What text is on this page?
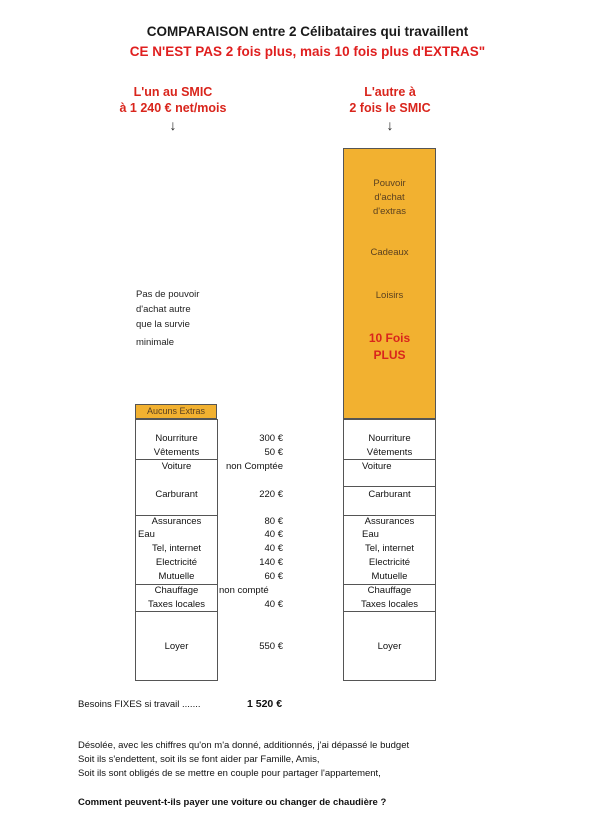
COMPARAISON entre 2 Célibataires qui travaillent
CE N'EST PAS 2 fois plus, mais 10 fois plus d'EXTRAS"
L'un au SMIC
à 1 240 € net/mois
↓
L'autre à
2 fois le SMIC
↓
Pas de pouvoir
d'achat autre
que la survie
minimale
Pouvoir
d'achat
d'extras
Cadeaux
Loisirs
10 Fois
PLUS
Aucuns Extras
Nourriture
Vêtements
Voiture
Carburant
Assurances
Eau
Tel, internet
Electricité
Mutuelle
Chauffage
Taxes locales
Loyer
300 €
50 €
non Comptée
220 €
80 €
40 €
40 €
140 €
60 €
non compté
40 €
550 €
Nourriture
Vêtements
Voiture
Carburant
Assurances
Eau
Tel, internet
Electricité
Mutuelle
Chauffage
Taxes locales
Loyer
Besoins FIXES si travail .......	1 520 €
Désolée, avec les chiffres qu'on m'a donné, additionnés, j'ai dépassé le budget
Soit ils s'endettent, soit ils se font aider par Famille, Amis,
Soit ils sont obligés de se mettre en couple pour partager l'appartement,
Comment peuvent-t-ils payer une voiture ou changer de chaudière ?
